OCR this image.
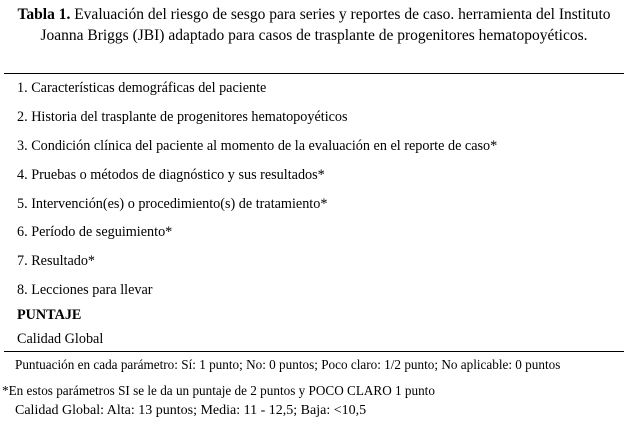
Tabla 1. Evaluación del riesgo de sesgo para series y reportes de caso. herramienta del Instituto Joanna Briggs (JBI) adaptado para casos de trasplante de progenitores hematopoyéticos.
1. Características demográficas del paciente
2. Historia del trasplante de progenitores hematopoyéticos
3. Condición clínica del paciente al momento de la evaluación en el reporte de caso*
4. Pruebas o métodos de diagnóstico y sus resultados*
5. Intervención(es) o procedimiento(s) de tratamiento*
6. Período de seguimiento*
7. Resultado*
8. Lecciones para llevar
PUNTAJE
Calidad Global
Puntuación en cada parámetro: Sí: 1 punto; No: 0 puntos; Poco claro: 1/2 punto; No aplicable: 0 puntos
*En estos parámetros SI se le da un puntaje de 2 puntos y POCO CLARO 1 punto
Calidad Global: Alta: 13 puntos; Media: 11 - 12,5; Baja: <10,5
